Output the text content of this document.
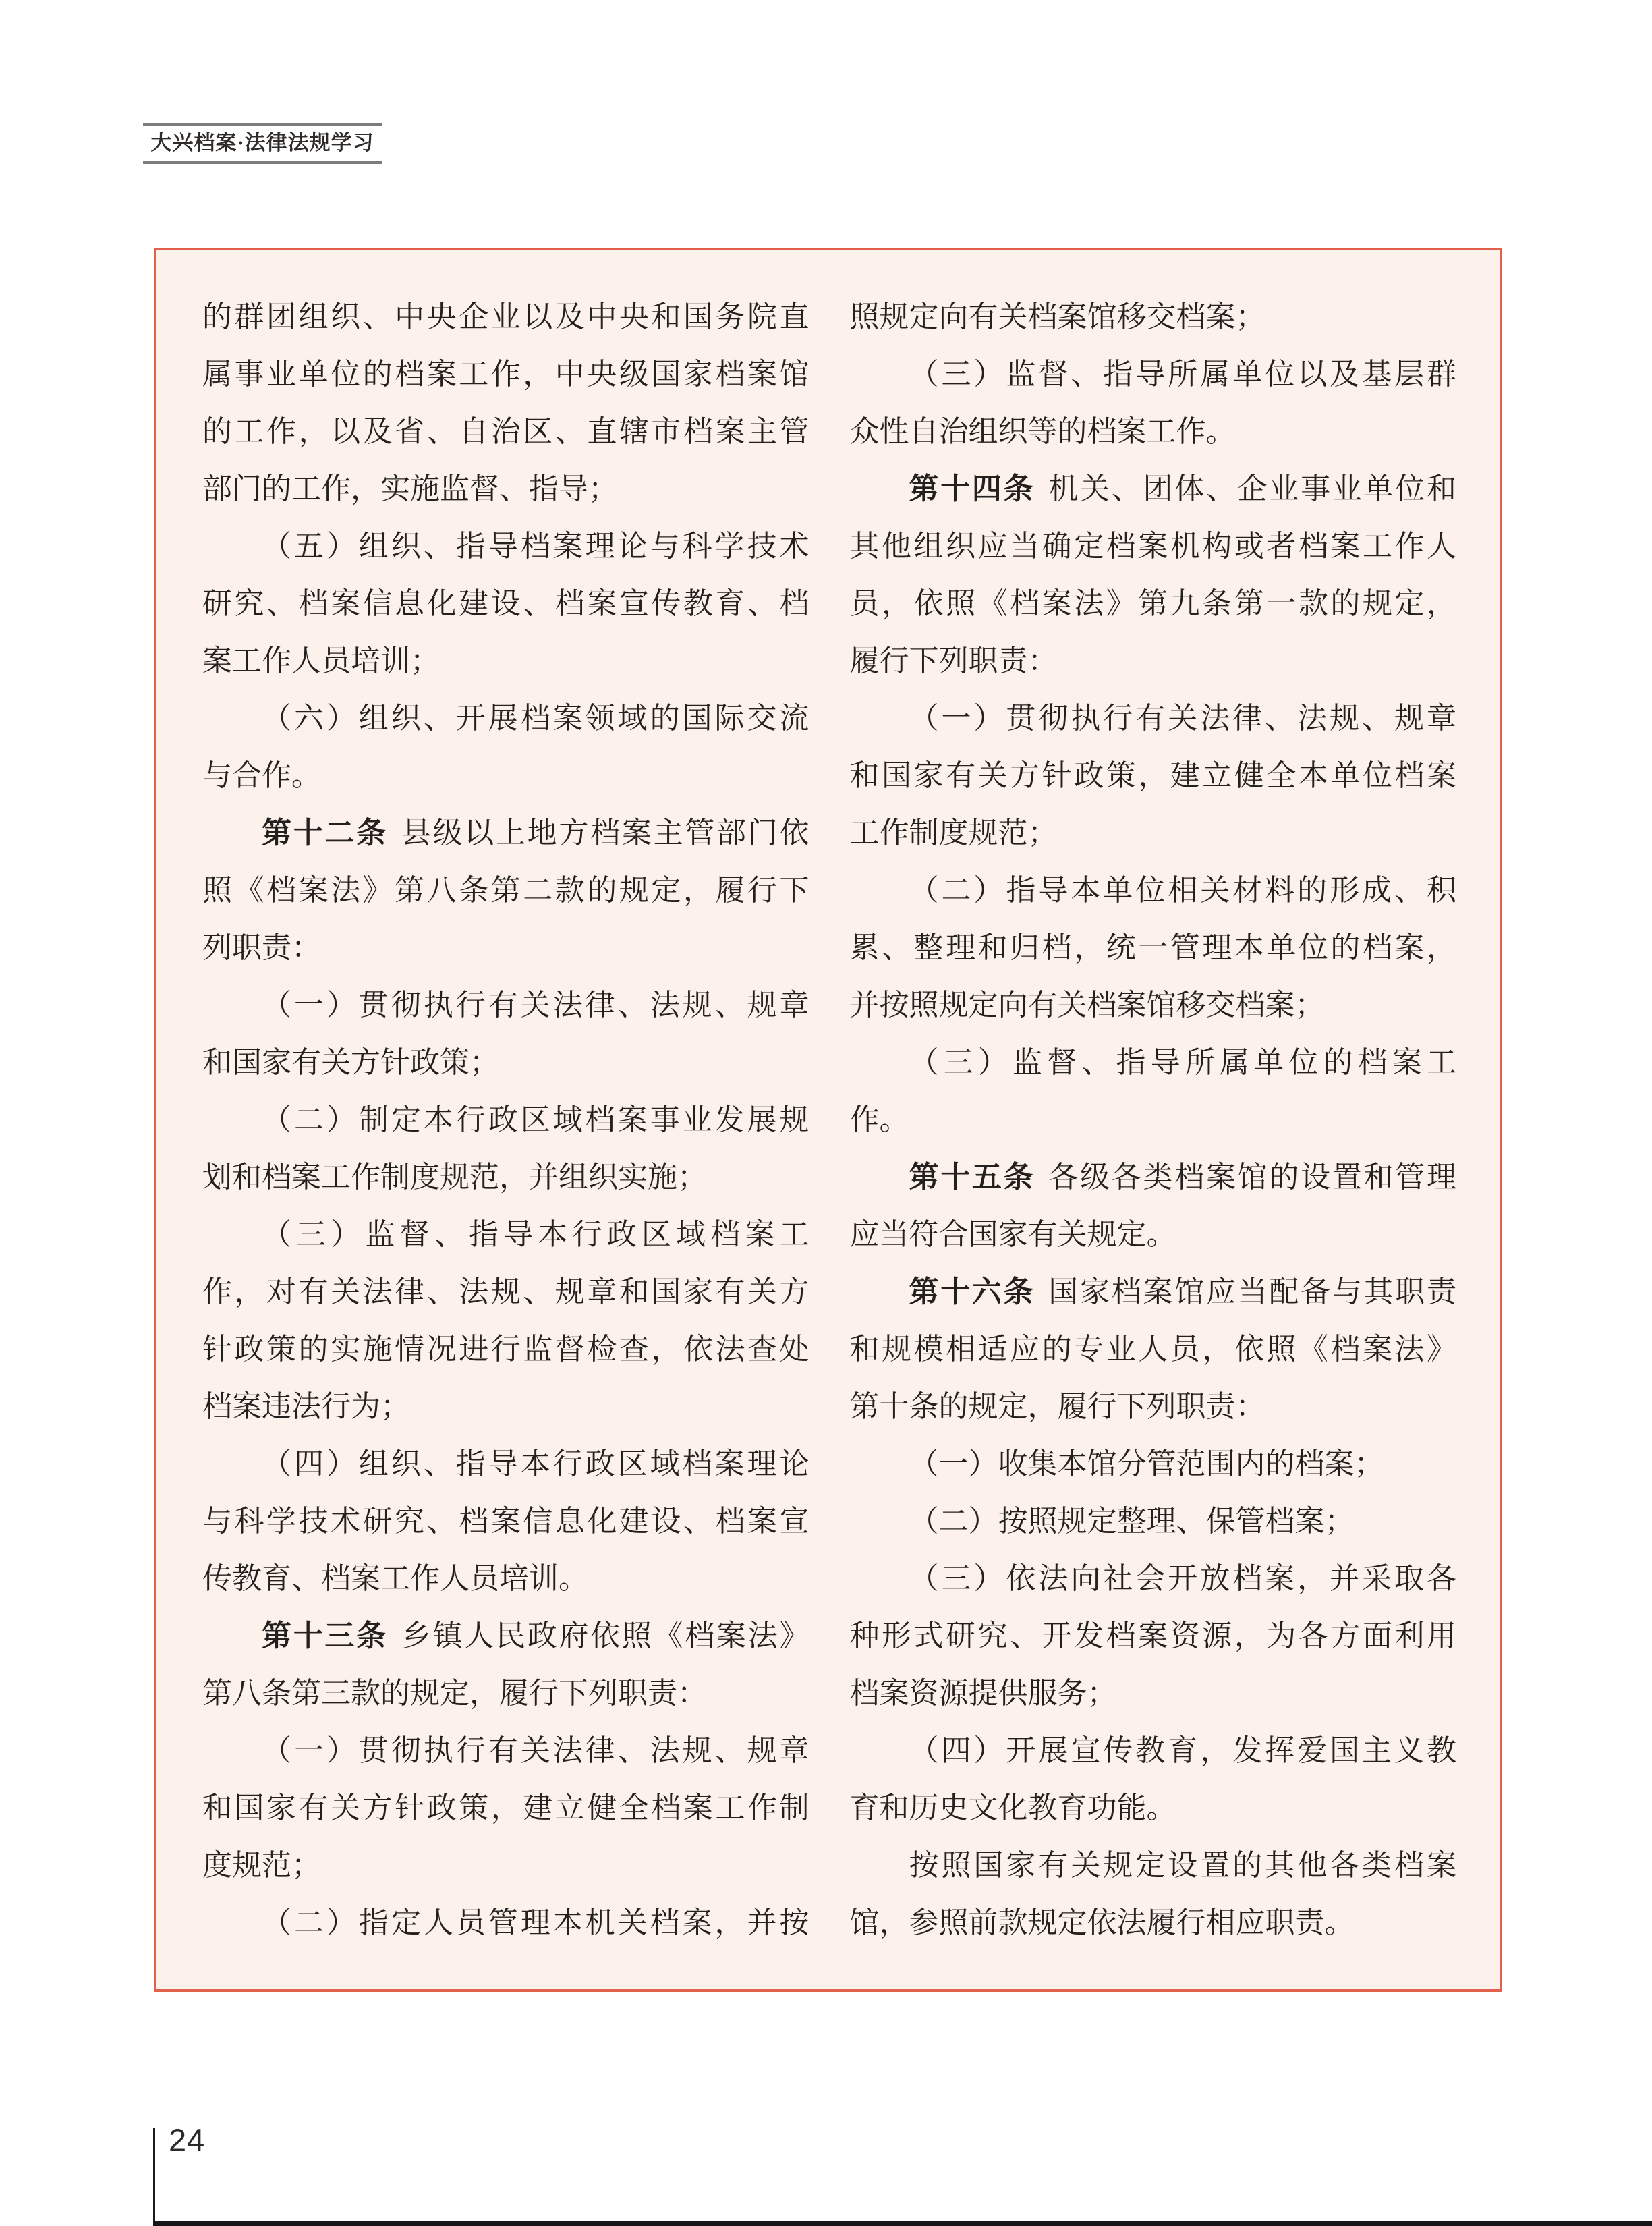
大兴档案·法律法规学习
的群团组织、中央企业以及中央和国务院直
属事业单位的档案工作，中央级国家档案馆
的工作，以及省、自治区、直辖市档案主管
部门的工作，实施监督、指导；
（五）组织、指导档案理论与科学技术
研究、档案信息化建设、档案宣传教育、档
案工作人员培训；
（六）组织、开展档案领域的国际交流
与合作。
第十二条 县级以上地方档案主管部门依
照《档案法》第八条第二款的规定，履行下
列职责：
（一）贯彻执行有关法律、法规、规章
和国家有关方针政策；
（二）制定本行政区域档案事业发展规
划和档案工作制度规范，并组织实施；
（三）监督、指导本行政区域档案工
作，对有关法律、法规、规章和国家有关方
针政策的实施情况进行监督检查，依法查处
档案违法行为；
（四）组织、指导本行政区域档案理论
与科学技术研究、档案信息化建设、档案宣
传教育、档案工作人员培训。
第十三条 乡镇人民政府依照《档案法》
第八条第三款的规定，履行下列职责：
（一）贯彻执行有关法律、法规、规章
和国家有关方针政策，建立健全档案工作制
度规范；
（二）指定人员管理本机关档案，并按
照规定向有关档案馆移交档案；
（三）监督、指导所属单位以及基层群
众性自治组织等的档案工作。
第十四条 机关、团体、企业事业单位和
其他组织应当确定档案机构或者档案工作人
员，依照《档案法》第九条第一款的规定，
履行下列职责：
（一）贯彻执行有关法律、法规、规章
和国家有关方针政策，建立健全本单位档案
工作制度规范；
（二）指导本单位相关材料的形成、积
累、整理和归档，统一管理本单位的档案，
并按照规定向有关档案馆移交档案；
（三）监督、指导所属单位的档案工
作。
第十五条 各级各类档案馆的设置和管理
应当符合国家有关规定。
第十六条 国家档案馆应当配备与其职责
和规模相适应的专业人员，依照《档案法》
第十条的规定，履行下列职责：
（一）收集本馆分管范围内的档案；
（二）按照规定整理、保管档案；
（三）依法向社会开放档案，并采取各
种形式研究、开发档案资源，为各方面利用
档案资源提供服务；
（四）开展宣传教育，发挥爱国主义教
育和历史文化教育功能。
按照国家有关规定设置的其他各类档案
馆，参照前款规定依法履行相应职责。
24
